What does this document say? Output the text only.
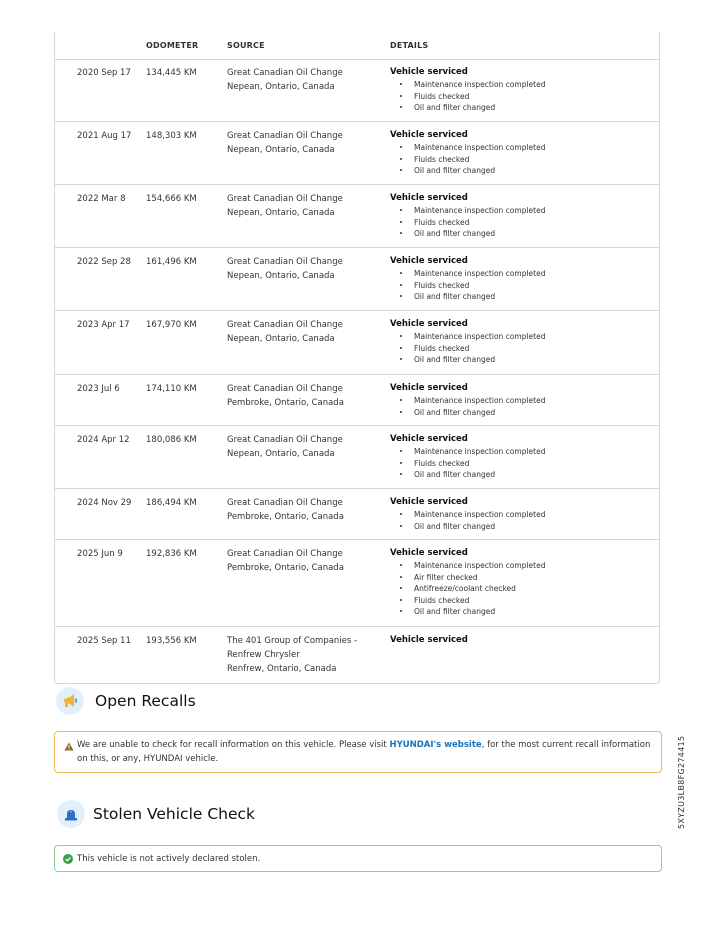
ODOMETER	SOURCE	DETAILS
2020 Sep 17 134,445 KM	Great Canadian Oil Change
Nepean, Ontario, Canada
Vehicle serviced
Maintenance inspection completed
Fluids checked
Oil and filter changed
2021 Aug 17 148,303 KM	Great Canadian Oil Change
Nepean, Ontario, Canada
Vehicle serviced
Maintenance inspection completed
Fluids checked
Oil and filter changed
2022 Mar 8 154,666 KM	Great Canadian Oil Change
Nepean, Ontario, Canada
Vehicle serviced
Maintenance inspection completed
Fluids checked
Oil and filter changed
2022 Sep 28 161,496 KM	Great Canadian Oil Change
Nepean, Ontario, Canada
Vehicle serviced
Maintenance inspection completed
Fluids checked
Oil and filter changed
2023 Apr 17 167,970 KM	Great Canadian Oil Change
Nepean, Ontario, Canada
Vehicle serviced
Maintenance inspection completed
Fluids checked
Oil and filter changed
2023 Jul 6	174,110 KM	Great Canadian Oil Change
Pembroke, Ontario, Canada
Vehicle serviced
Maintenance inspection completed
Oil and filter changed
2024 Apr 12 180,086 KM	Great Canadian Oil Change
Nepean, Ontario, Canada
Vehicle serviced
Maintenance inspection completed
Fluids checked
Oil and filter changed
2024 Nov 29 186,494 KM	Great Canadian Oil Change
Pembroke, Ontario, Canada
Vehicle serviced
Maintenance inspection completed
Oil and filter changed
2025 Jun 9	192,836 KM	Great Canadian Oil Change
Pembroke, Ontario, Canada
Vehicle serviced
Maintenance inspection completed
Air filter checked
Antifreeze/coolant checked
Fluids checked
Oil and filter changed
2025 Sep 11 193,556 KM	The 401 Group of Companies -
Renfrew Chrysler
Renfrew, Ontario, Canada
Vehicle serviced
Open Recalls
We are unable to check for recall information on this vehicle. Please visit HYUNDAI's website, for the most current recall information on this, or any, HYUNDAI vehicle.
Stolen Vehicle Check
This vehicle is not actively declared stolen.
5XYZU3LB8FG274415
